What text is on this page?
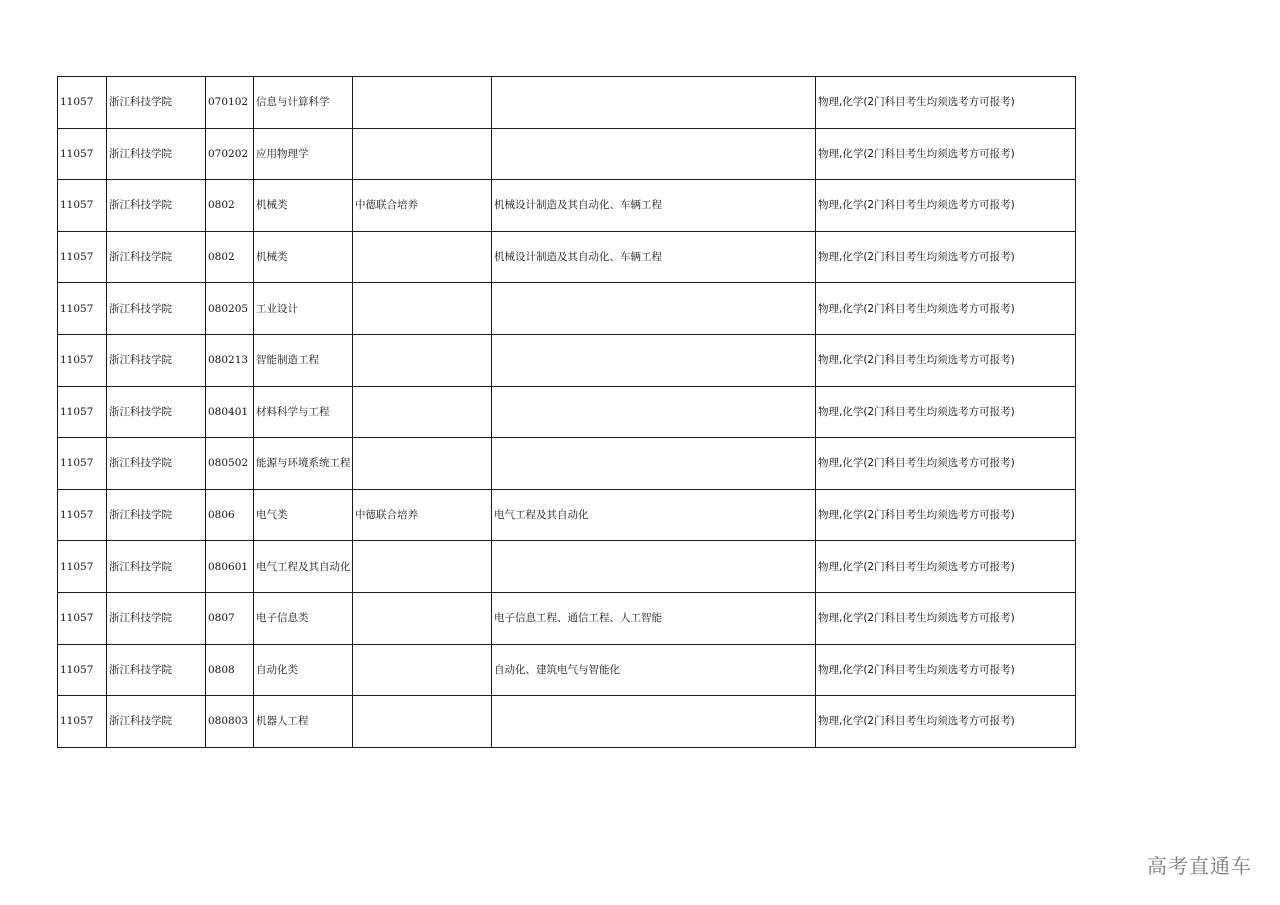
11057	浙江科技学院	070102	信息与计算科学			物理,化学(2门科目考生均须选考方可报考)
11057	浙江科技学院	070202	应用物理学			物理,化学(2门科目考生均须选考方可报考)
11057	浙江科技学院	0802	机械类	中德联合培养	机械设计制造及其自动化、车辆工程	物理,化学(2门科目考生均须选考方可报考)
11057	浙江科技学院	0802	机械类		机械设计制造及其自动化、车辆工程	物理,化学(2门科目考生均须选考方可报考)
11057	浙江科技学院	080205	工业设计			物理,化学(2门科目考生均须选考方可报考)
11057	浙江科技学院	080213	智能制造工程			物理,化学(2门科目考生均须选考方可报考)
11057	浙江科技学院	080401	材料科学与工程			物理,化学(2门科目考生均须选考方可报考)
11057	浙江科技学院	080502	能源与环境系统工程			物理,化学(2门科目考生均须选考方可报考)
11057	浙江科技学院	0806	电气类	中德联合培养	电气工程及其自动化	物理,化学(2门科目考生均须选考方可报考)
11057	浙江科技学院	080601	电气工程及其自动化			物理,化学(2门科目考生均须选考方可报考)
11057	浙江科技学院	0807	电子信息类		电子信息工程、通信工程、人工智能	物理,化学(2门科目考生均须选考方可报考)
11057	浙江科技学院	0808	自动化类		自动化、建筑电气与智能化	物理,化学(2门科目考生均须选考方可报考)
11057	浙江科技学院	080803	机器人工程			物理,化学(2门科目考生均须选考方可报考)
高考直通车
